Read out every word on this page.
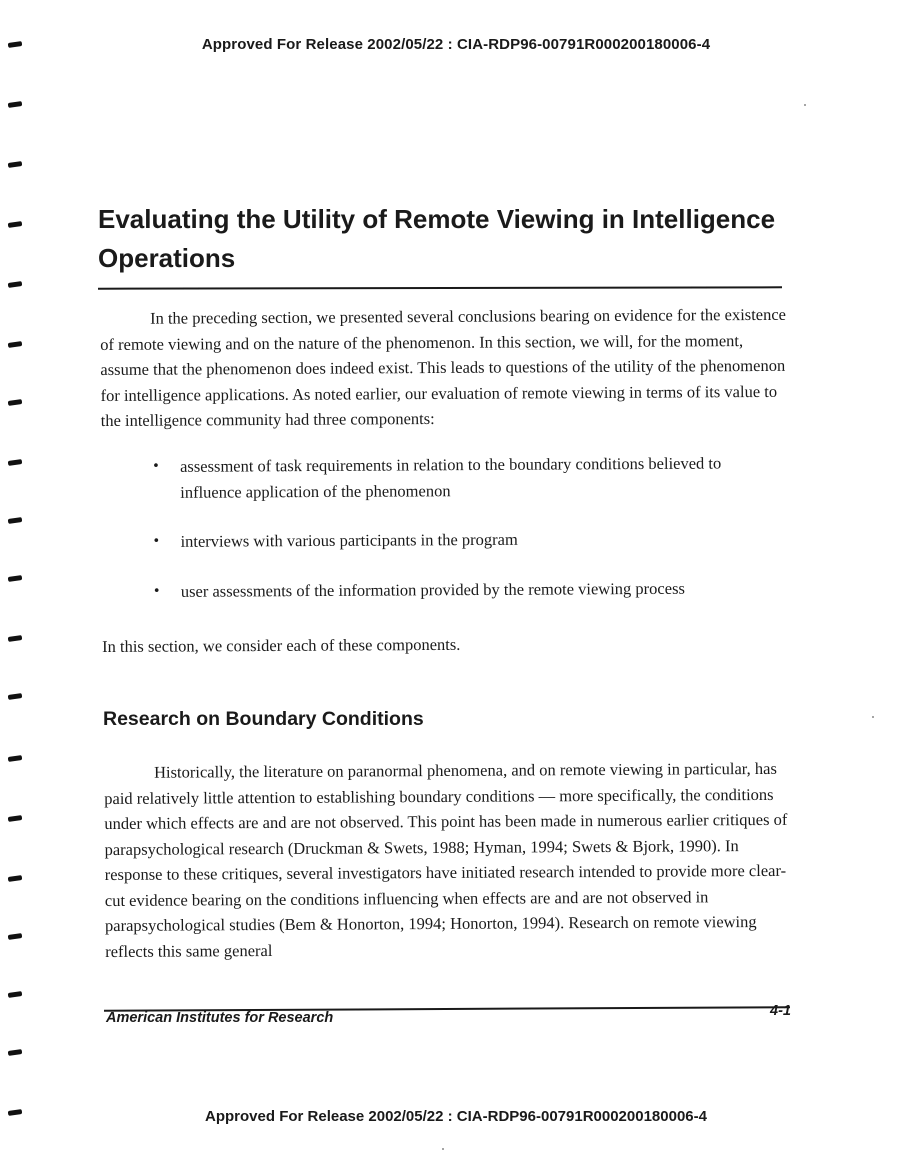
Approved For Release 2002/05/22 : CIA-RDP96-00791R000200180006-4
Evaluating the Utility of Remote Viewing in Intelligence Operations

In the preceding section, we presented several conclusions bearing on evidence for the existence of remote viewing and on the nature of the phenomenon. In this section, we will, for the moment, assume that the phenomenon does indeed exist. This leads to questions of the utility of the phenomenon for intelligence applications. As noted earlier, our evaluation of remote viewing in terms of its value to the intelligence community had three components:

• assessment of task requirements in relation to the boundary conditions believed to influence application of the phenomenon
• interviews with various participants in the program
• user assessments of the information provided by the remote viewing process

In this section, we consider each of these components.

Research on Boundary Conditions

Historically, the literature on paranormal phenomena, and on remote viewing in particular, has paid relatively little attention to establishing boundary conditions — more specifically, the conditions under which effects are and are not observed. This point has been made in numerous earlier critiques of parapsychological research (Druckman & Swets, 1988; Hyman, 1994; Swets & Bjork, 1990). In response to these critiques, several investigators have initiated research intended to provide more clear-cut evidence bearing on the conditions influencing when effects are and are not observed in parapsychological studies (Bem & Honorton, 1994; Honorton, 1994). Research on remote viewing reflects this same general

American Institutes for Research	4-1
Approved For Release 2002/05/22 : CIA-RDP96-00791R000200180006-4
